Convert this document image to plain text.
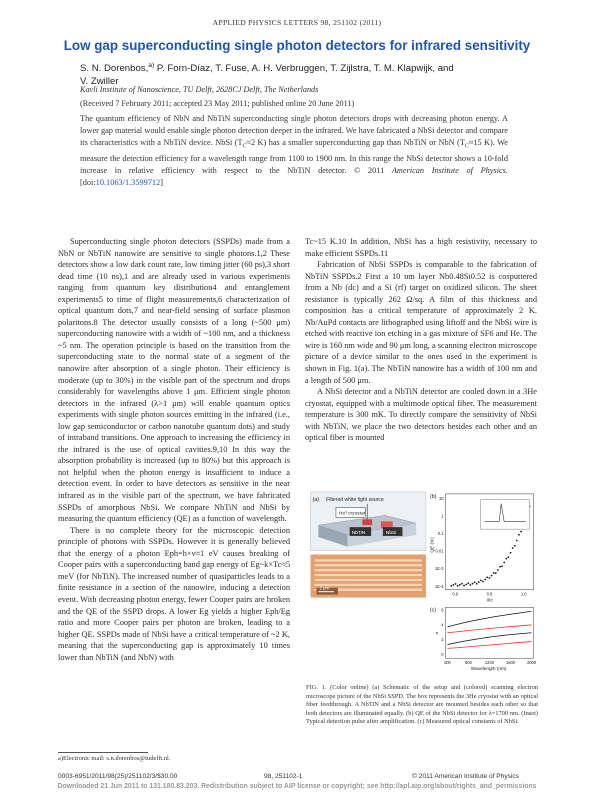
APPLIED PHYSICS LETTERS 98, 251102 (2011)
Low gap superconducting single photon detectors for infrared sensitivity
S. N. Dorenbos,$^{a)}$ P. Forn-Díaz, T. Fuse, A. H. Verbruggen, T. Zijlstra, T. M. Klapwijk, and
V. Zwiller
Kavli Institute of Nanoscience, TU Delft, 2628CJ Delft, The Netherlands
(Received 7 February 2011; accepted 23 May 2011; published online 20 June 2011)
The quantum efficiency of NbN and NbTiN superconducting single photon detectors drops with decreasing photon energy. A lower gap material would enable single photon detection deeper in the infrared. We have fabricated a NbSi detector and compare its characteristics with a NbTiN device. NbSi ($T_C\approx 2$ K) has a smaller superconducting gap than NbTiN or NbN ($T_C\approx 15$ K). We measure the detection efficiency for a wavelength range from 1100 to 1900 nm. In this range the NbSi detector shows a 10-fold increase in relative efficiency with respect to the NbTiN detector. © 2011 American Institute of Physics. [doi:10.1063/1.3599712]

Superconducting single photon detectors (SSPDs) made from a NbN or NbTiN nanowire are sensitive to single photons.1,2 These detectors show a low dark count rate, low timing jitter (60 ps),3 short dead time (10 ns),1 and are already used in various experiments ranging from quantum key distribution4 and entanglement experiments5 to time of flight measurements,6 characterization of optical quantum dots,7 and near-field sensing of surface plasmon polaritons.8 The detector usually consists of a long (~500 μm) superconducting nanowire with a width of ~100 nm, and a thickness ~5 nm. The operation principle is based on the transition from the superconducting state to the normal state of a segment of the nanowire after absorption of a single photon. Their efficiency is moderate (up to 30%) in the visible part of the spectrum and drops considerably for wavelengths above 1 μm. Efficient single photon detectors in the infrared (λ>1 μm) will enable quantum optics experiments with single photon sources emitting in the infrared (i.e., low gap semiconductor or carbon nanotube quantum dots) and study of intraband transitions. One approach to increasing the efficiency in the infrared is the use of optical cavities.9,10 In this way the absorption probability is increased (up to 80%) but this approach is not helpful when the photon energy is insufficient to induce a detection event. In order to have detectors as sensitive in the near infrared as in the visible part of the spectrum, we have fabricated SSPDs of amorphous NbSi. We compare NbTiN and NbSi by measuring the quantum efficiency (QE) as a function of wavelength.

There is no complete theory for the microscopic detection principle of photons with SSPDs. However it is generally believed that the energy of a photon Eph=h×ν≈1 eV causes breaking of Cooper pairs with a superconducting band gap energy of Eg~k×Tc≈5 meV (for NbTiN). The increased number of quasiparticles leads to a finite resistance in a section of the nanowire, inducing a detection event. With decreasing photon energy, fewer Cooper pairs are broken and the QE of the SSPD drops. A lower Eg yields a higher Eph/Eg ratio and more Cooper pairs per photon are broken, leading to a higher QE. SSPDs made of NbSi have a critical temperature of ~2 K, meaning that the superconducting gap is approximately 10 times lower than NbTiN (and NbN) with

Tc~15 K.10 In addition, NbSi has a high resistivity, necessary to make efficient SSPDs.11

Fabrication of NbSi SSPDs is comparable to the fabrication of NbTiN SSPDs.2 First a 10 nm layer Nb0.48Si0.52 is cosputtered from a Nb (dc) and a Si (rf) target on oxidized silicon. The sheet resistance is typically 262 Ω/sq. A film of this thickness and composition has a critical temperature of approximately 2 K. Nb/AuPd contacts are lithographed using liftoff and the NbSi wire is etched with reactive ion etching in a gas mixture of SF6 and He. The wire is 160 nm wide and 90 μm long, a scanning electron microscope picture of a device similar to the ones used in the experiment is shown in Fig. 1(a). The NbTiN nanowire has a width of 100 nm and a length of 500 μm.

A NbSi detector and a NbTiN detector are cooled down in a 3He cryostat, equipped with a multimode optical fiber. The measurement temperature is 300 mK. To directly compare the sensitivity of NbSi with NbTiN, we place the two detectors besides each other and an optical fiber is mounted

(a) Filtered white light source
He³ cryostat
NbTiN	NbSi
2 μm
(b)
QE (%)
10
1
0.1
0.01
1E-3
1E-4
0.6	0.8	1.0
I/Ic
(c)
n
6
4
2
0
400	800	1200	1600	2000
Wavelength (nm)
FIG. 1. (Color online) (a) Schematic of the setup and (colored) scanning electron microscope picture of the NbSi SSPD. The box represents the 3He cryostat with an optical fiber feedthrough. A NbTiN and a NbSi detector are mounted besides each other so that both detectors are illuminated equally. (b) QE of the NbSi detector for λ=1700 nm. (Inset) Typical detection pulse after amplification. (c) Measured optical constants of NbSi.
a)Electronic mail: s.n.dorenbos@tudelft.nl.
0003-6951/2011/98(25)/251102/3/$30.00	98, 251102-1	© 2011 American Institute of Physics
Downloaded 21 Jun 2011 to 131.180.83.203. Redistribution subject to AIP license or copyright; see http://apl.aip.org/about/rights_and_permissions
